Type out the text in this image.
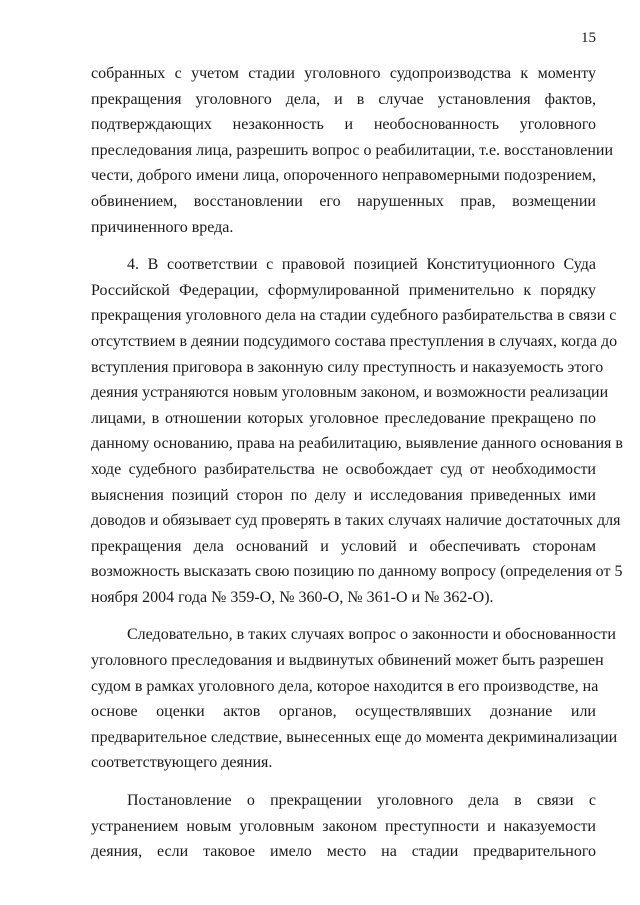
15
собранных с учетом стадии уголовного судопроизводства к моменту
прекращения уголовного дела, и в случае установления фактов,
подтверждающих незаконность и необоснованность уголовного
преследования лица, разрешить вопрос о реабилитации, т.е. восстановлении
чести, доброго имени лица, опороченного неправомерными подозрением,
обвинением, восстановлении его нарушенных прав, возмещении
причиненного вреда.
4. В соответствии с правовой позицией Конституционного Суда
Российской Федерации, сформулированной применительно к порядку
прекращения уголовного дела на стадии судебного разбирательства в связи с
отсутствием в деянии подсудимого состава преступления в случаях, когда до
вступления приговора в законную силу преступность и наказуемость этого
деяния устраняются новым уголовным законом, и возможности реализации
лицами, в отношении которых уголовное преследование прекращено по
данному основанию, права на реабилитацию, выявление данного основания в
ходе судебного разбирательства не освобождает суд от необходимости
выяснения позиций сторон по делу и исследования приведенных ими
доводов и обязывает суд проверять в таких случаях наличие достаточных для
прекращения дела оснований и условий и обеспечивать сторонам
возможность высказать свою позицию по данному вопросу (определения от 5
ноября 2004 года № 359-О, № 360-О, № 361-О и № 362-О).
Следовательно, в таких случаях вопрос о законности и обоснованности
уголовного преследования и выдвинутых обвинений может быть разрешен
судом в рамках уголовного дела, которое находится в его производстве, на
основе оценки актов органов, осуществлявших дознание или
предварительное следствие, вынесенных еще до момента декриминализации
соответствующего деяния.
Постановление о прекращении уголовного дела в связи с
устранением новым уголовным законом преступности и наказуемости
деяния, если таковое имело место на стадии предварительного
